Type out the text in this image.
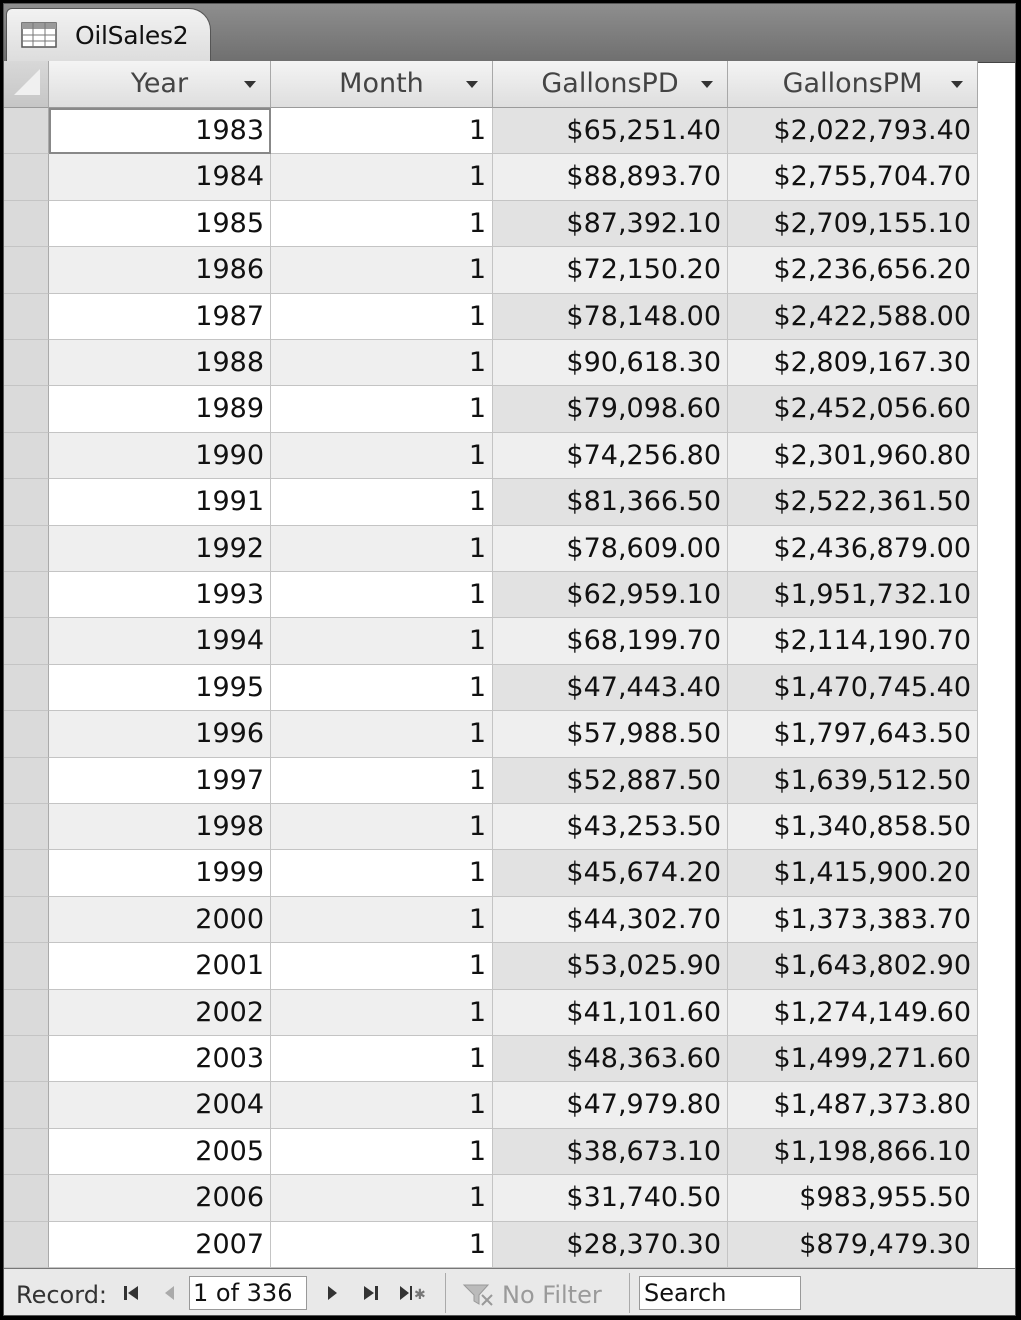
OilSales2
Year	Month	GallonsPD	GallonsPM
1983	1	$65,251.40	$2,022,793.40
1984	1	$88,893.70	$2,755,704.70
1985	1	$87,392.10	$2,709,155.10
1986	1	$72,150.20	$2,236,656.20
1987	1	$78,148.00	$2,422,588.00
1988	1	$90,618.30	$2,809,167.30
1989	1	$79,098.60	$2,452,056.60
1990	1	$74,256.80	$2,301,960.80
1991	1	$81,366.50	$2,522,361.50
1992	1	$78,609.00	$2,436,879.00
1993	1	$62,959.10	$1,951,732.10
1994	1	$68,199.70	$2,114,190.70
1995	1	$47,443.40	$1,470,745.40
1996	1	$57,988.50	$1,797,643.50
1997	1	$52,887.50	$1,639,512.50
1998	1	$43,253.50	$1,340,858.50
1999	1	$45,674.20	$1,415,900.20
2000	1	$44,302.70	$1,373,383.70
2001	1	$53,025.90	$1,643,802.90
2002	1	$41,101.60	$1,274,149.60
2003	1	$48,363.60	$1,499,271.60
2004	1	$47,979.80	$1,487,373.80
2005	1	$38,673.10	$1,198,866.10
2006	1	$31,740.50	$983,955.50
2007	1	$28,370.30	$879,479.30
Record:	1 of 336	✱	No Filter Search
